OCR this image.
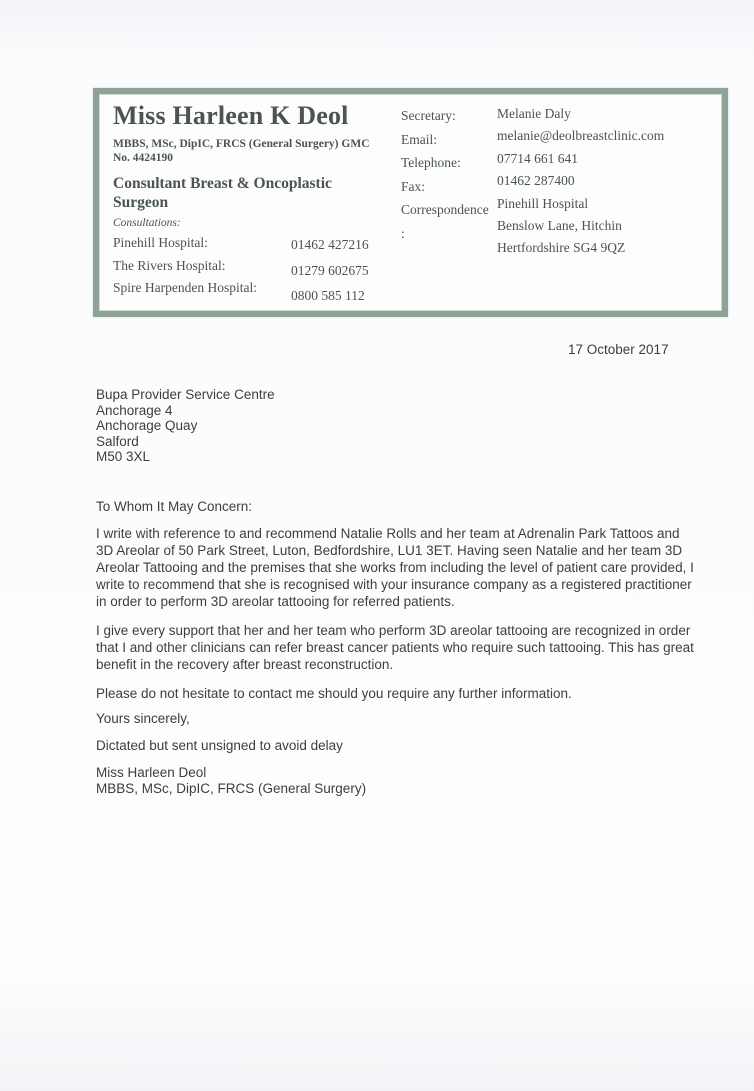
Miss Harleen K Deol
MBBS, MSc, DipIC, FRCS (General Surgery) GMC No. 4424190
Consultant Breast & Oncoplastic Surgeon
Consultations:
Pinehill Hospital:	01462 427216
The Rivers Hospital:	01279 602675
Spire Harpenden Hospital:
0800 585 112
Secretary:
Email:
Telephone:
Fax:
Correspondence:
Melanie Daly
melanie@deolbreastclinic.com
07714 661 641
01462 287400
Pinehill Hospital
Benslow Lane, Hitchin
Hertfordshire SG4 9QZ
17 October 2017
Bupa Provider Service Centre
Anchorage 4
Anchorage Quay
Salford
M50 3XL
To Whom It May Concern:
I write with reference to and recommend Natalie Rolls and her team at Adrenalin Park Tattoos and 3D Areolar of 50 Park Street, Luton, Bedfordshire, LU1 3ET. Having seen Natalie and her team 3D Areolar Tattooing and the premises that she works from including the level of patient care provided, I write to recommend that she is recognised with your insurance company as a registered practitioner in order to perform 3D areolar tattooing for referred patients.
I give every support that her and her team who perform 3D areolar tattooing are recognized in order that I and other clinicians can refer breast cancer patients who require such tattooing. This has great benefit in the recovery after breast reconstruction.
Please do not hesitate to contact me should you require any further information.
Yours sincerely,
Dictated but sent unsigned to avoid delay
Miss Harleen Deol
MBBS, MSc, DipIC, FRCS (General Surgery)
